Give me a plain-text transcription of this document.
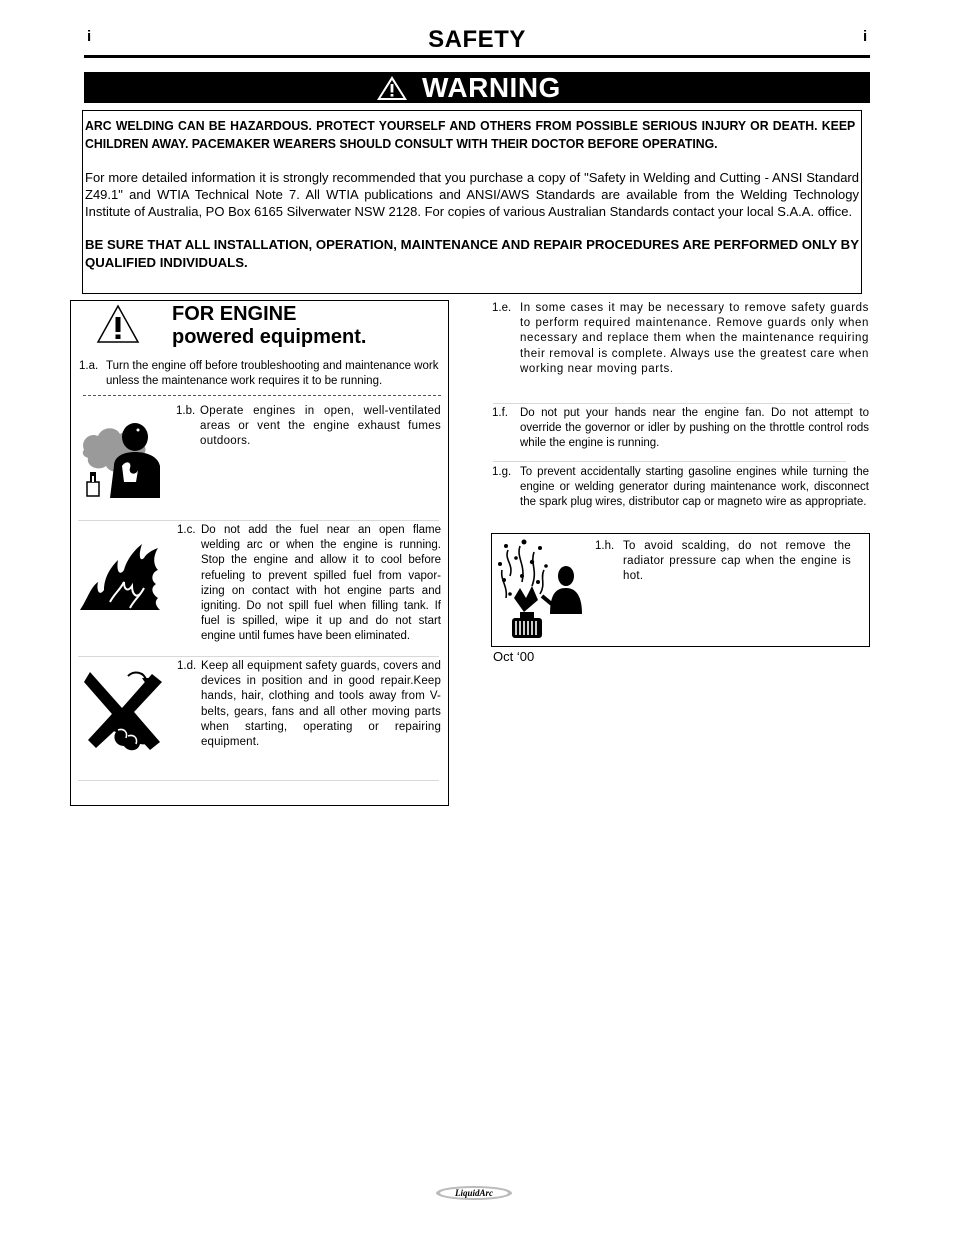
i	i
SAFETY
WARNING

ARC WELDING CAN BE HAZARDOUS. PROTECT YOURSELF AND OTHERS FROM POSSIBLE SERIOUS INJURY OR DEATH. KEEP CHILDREN AWAY. PACEMAKER WEARERS SHOULD CONSULT WITH THEIR DOCTOR BEFORE OPERATING.

For more detailed information it is strongly recommended that you purchase a copy of "Safety in Welding and Cutting - ANSI Standard Z49.1" and WTIA Technical Note 7. All WTIA publications and ANSI/AWS Standards are available from the Welding Technology Institute of Australia, PO Box 6165 Silverwater NSW 2128. For copies of various Australian Standards contact your local S.A.A. office.

BE SURE THAT ALL INSTALLATION, OPERATION, MAINTENANCE AND REPAIR PROCEDURES ARE PERFORMED ONLY BY QUALIFIED INDIVIDUALS.

FOR ENGINE
powered equipment.
1.a. Turn the engine off before troubleshooting and maintenance work unless the maintenance work requires it to be running.
1.b. Operate engines in open, well-ventilated areas or vent the engine exhaust fumes outdoors.
1.c. Do not add the fuel near an open flame welding arc or when the engine is running. Stop the engine and allow it to cool before refueling to prevent spilled fuel from vapor-izing on contact with hot engine parts and igniting. Do not spill fuel when filling tank. If fuel is spilled, wipe it up and do not start engine until fumes have been eliminated.
1.d. Keep all equipment safety guards, covers and devices in position and in good repair.Keep hands, hair, clothing and tools away from V-belts, gears, fans and all other moving parts when starting, operating or repairing equipment.
1.e. In some cases it may be necessary to remove safety guards to perform required maintenance. Remove guards only when necessary and replace them when the maintenance requiring their removal is complete. Always use the greatest care when working near moving parts.
1.f.	Do not put your hands near the engine fan. Do not attempt to override the governor or idler by pushing on the throttle control rods while the engine is running.
1.g. To prevent accidentally starting gasoline engines while turning the engine or welding generator during maintenance work, disconnect the spark plug wires, distributor cap or magneto wire as appropriate.
1.h. To avoid scalding, do not remove the radiator pressure cap when the engine is hot.
Oct ‘00
LiquidArc
